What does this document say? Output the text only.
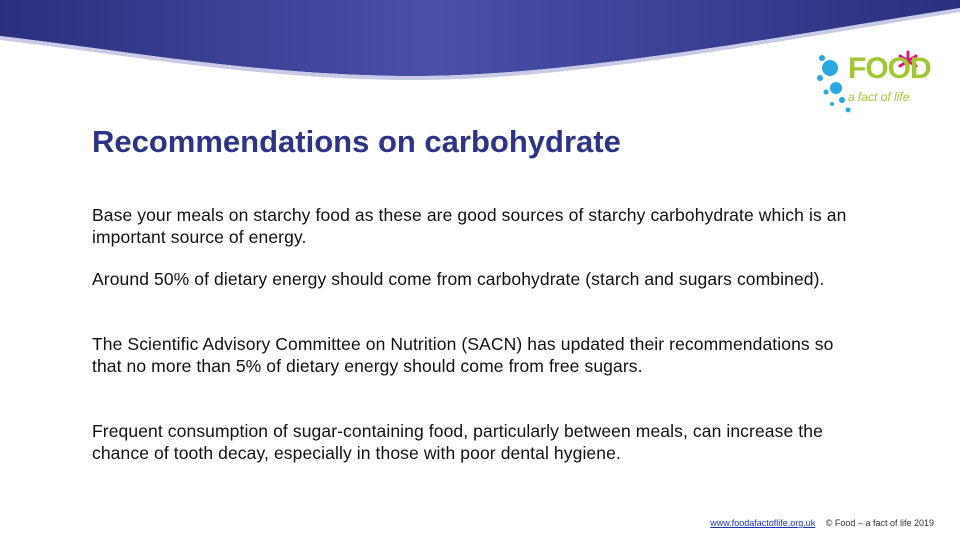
FOOD
a fact of life
Recommendations on carbohydrate

Base your meals on starchy food as these are good sources of starchy carbohydrate which is an important source of energy.

Around 50% of dietary energy should come from carbohydrate (starch and sugars combined).

The Scientific Advisory Committee on Nutrition (SACN) has updated their recommendations so that no more than 5% of dietary energy should come from free sugars.

Frequent consumption of sugar-containing food, particularly between meals, can increase the chance of tooth decay, especially in those with poor dental hygiene.

www.foodafactoflife.org.uk © Food – a fact of life 2019
